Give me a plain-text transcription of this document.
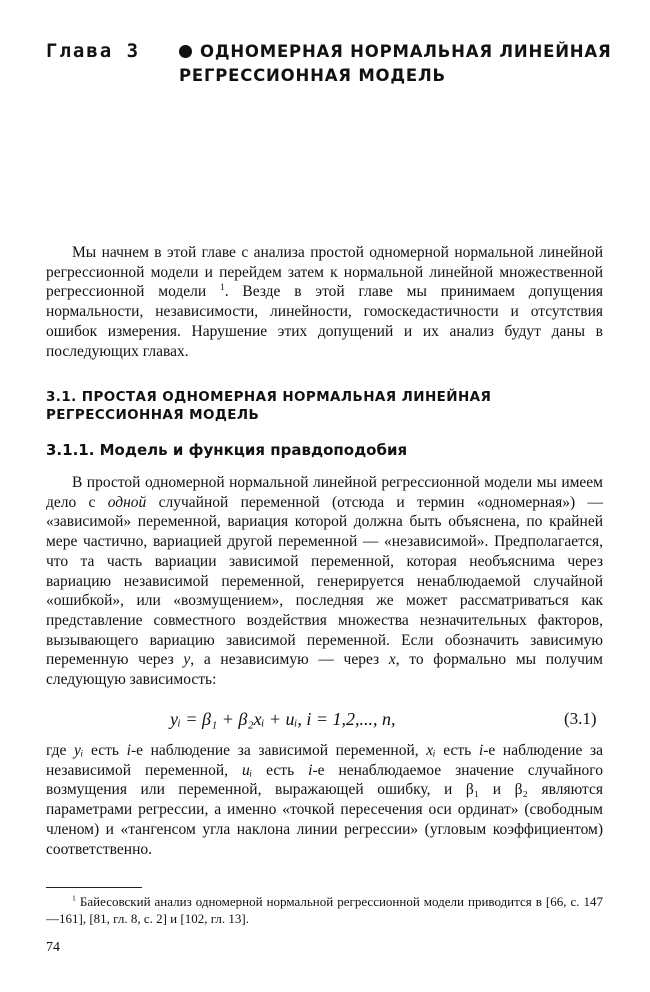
Глава 3	ОДНОМЕРНАЯ НОРМАЛЬНАЯ ЛИНЕЙНАЯ РЕГРЕССИОННАЯ МОДЕЛЬ
Мы начнем в этой главе с анализа простой одномерной нормальной линейной регрессионной модели и перейдем затем к нормальной линейной множественной регрессионной модели $^1$. Везде в этой главе мы принимаем допущения нормальности, независимости, линейности, гомоскедастичности и отсутствия ошибок измерения. Нарушение этих допущений и их анализ будут даны в последующих главах.
3.1. ПРОСТАЯ ОДНОМЕРНАЯ НОРМАЛЬНАЯ ЛИНЕЙНАЯ РЕГРЕССИОННАЯ МОДЕЛЬ
3.1.1. Модель и функция правдоподобия
В простой одномерной нормальной линейной регрессионной модели мы имеем дело с одной случайной переменной (отсюда и термин «одномерная») — «зависимой» переменной, вариация которой должна быть объяснена, по крайней мере частично, вариацией другой переменной — «независимой». Предполагается, что та часть вариации зависимой переменной, которая необъяснима через вариацию независимой переменной, генерируется ненаблюдаемой случайной «ошибкой», или «возмущением», последняя же может рассматриваться как представление совместного воздействия множества незначительных факторов, вызывающего вариацию зависимой переменной. Если обозначить зависимую переменную через y, а независимую — через x, то формально мы получим следующую зависимость:
yᵢ = β₁ + β₂xᵢ + uᵢ, i = 1,2,..., n,	(3.1)
где yᵢ есть i-е наблюдение за зависимой переменной, xᵢ есть i-е наблюдение за независимой переменной, uᵢ есть i-е ненаблюдаемое значение случайного возмущения или переменной, выражающей ошибку, и β₁ и β₂ являются параметрами регрессии, а именно «точкой пересечения оси ординат» (свободным членом) и «тангенсом угла наклона линии регрессии» (угловым коэффициентом) соответственно.
$^1$ Байесовский анализ одномерной нормальной регрессионной модели приводится в [66, с. 147—161], [81, гл. 8, с. 2] и [102, гл. 13].
74
